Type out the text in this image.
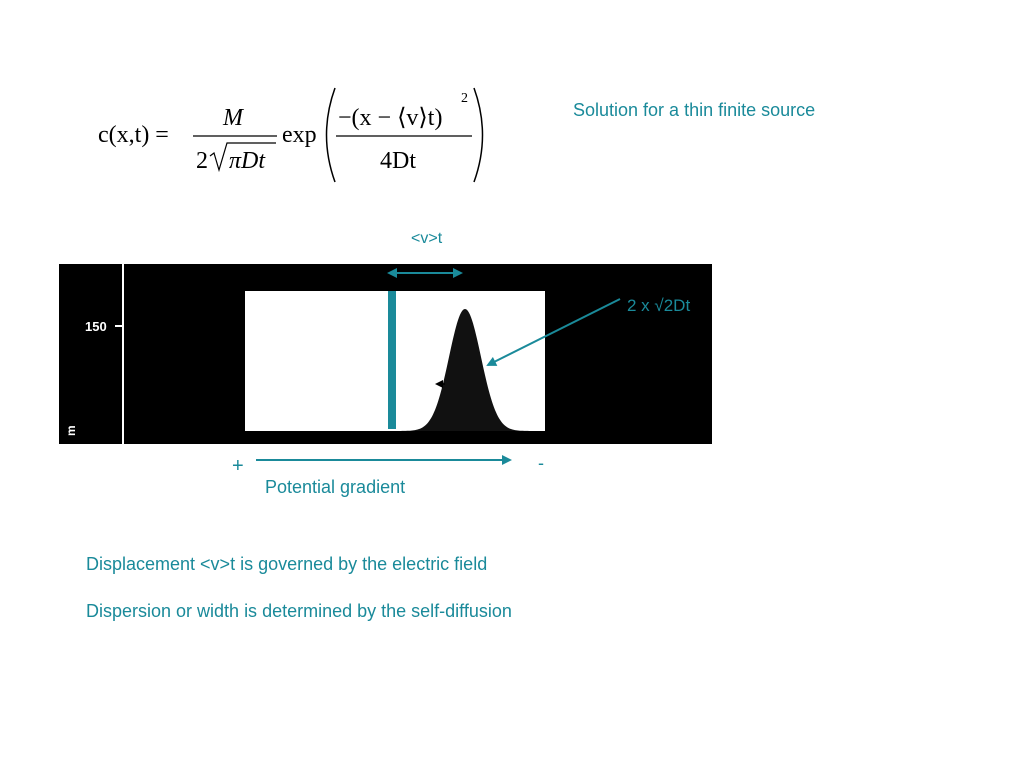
c(x,t) =
M
2 πDt
exp
−(x − ⟨v⟩t)
2
4Dt
Solution for a thin finite source
<v>t
150
m
2 x √2Dt
+	-
Potential gradient
Displacement <v>t is governed by the electric field
Dispersion or width is determined by the self-diffusion
